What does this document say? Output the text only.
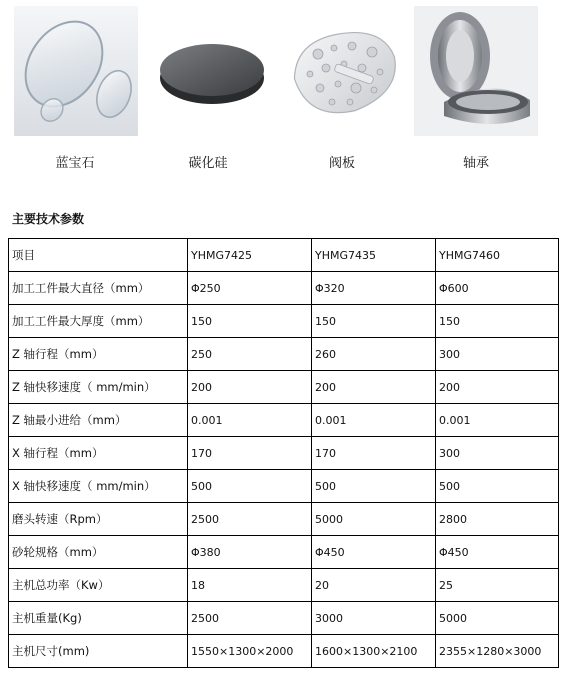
蓝宝石	碳化硅	阀板	轴承
主要技术参数
项目	YHMG7425	YHMG7435	YHMG7460
加工工件最大直径（mm）	Φ250	Φ320	Φ600
加工工件最大厚度（mm）	150	150	150
Z 轴行程（mm）	250	260	300
Z 轴快移速度（ mm/min）	200	200	200
Z 轴最小进给（mm）	0.001	0.001	0.001
X 轴行程（mm）	170	170	300
X 轴快移速度（ mm/min）	500	500	500
磨头转速（Rpm）	2500	5000	2800
砂轮规格（mm）	Φ380	Φ450	Φ450
主机总功率（Kw）	18	20	25
主机重量(Kg)	2500	3000	5000
主机尺寸(mm)	1550×1300×2000	1600×1300×2100	2355×1280×3000
